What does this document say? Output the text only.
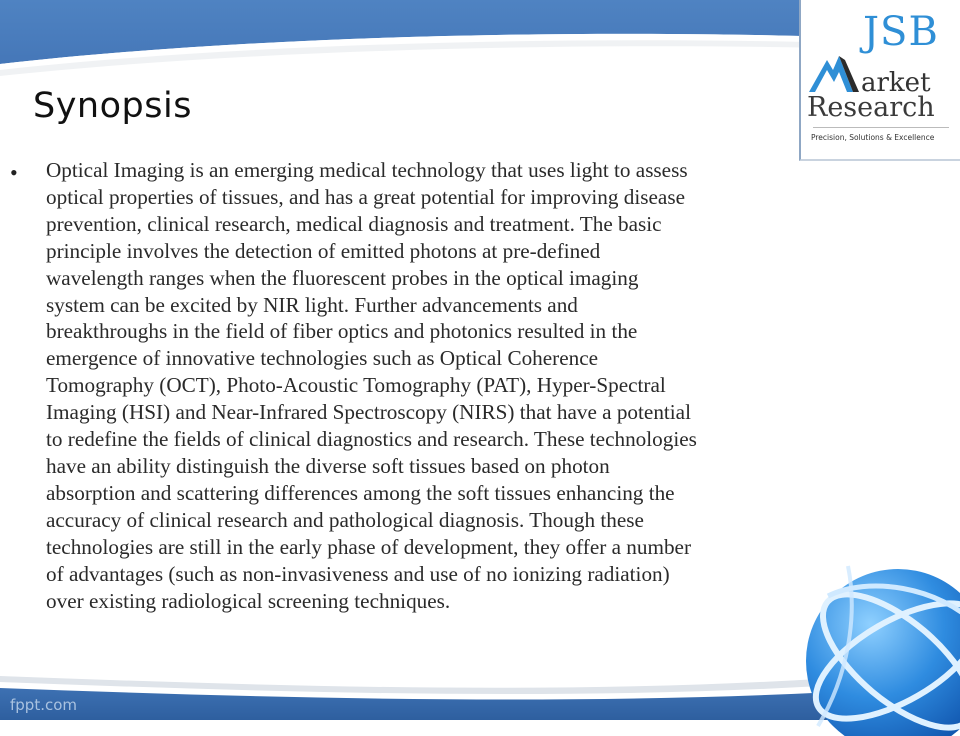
JSB
arket
Research
Precision, Solutions & Excellence
Synopsis
• Optical Imaging is an emerging medical technology that uses light to assess
optical properties of tissues, and has a great potential for improving disease
prevention, clinical research, medical diagnosis and treatment. The basic
principle involves the detection of emitted photons at pre-defined
wavelength ranges when the fluorescent probes in the optical imaging
system can be excited by NIR light. Further advancements and
breakthroughs in the field of fiber optics and photonics resulted in the
emergence of innovative technologies such as Optical Coherence
Tomography (OCT), Photo-Acoustic Tomography (PAT), Hyper-Spectral
Imaging (HSI) and Near-Infrared Spectroscopy (NIRS) that have a potential
to redefine the fields of clinical diagnostics and research. These technologies
have an ability distinguish the diverse soft tissues based on photon
absorption and scattering differences among the soft tissues enhancing the
accuracy of clinical research and pathological diagnosis. Though these
technologies are still in the early phase of development, they offer a number
of advantages (such as non-invasiveness and use of no ionizing radiation)
over existing radiological screening techniques.
fppt.com
